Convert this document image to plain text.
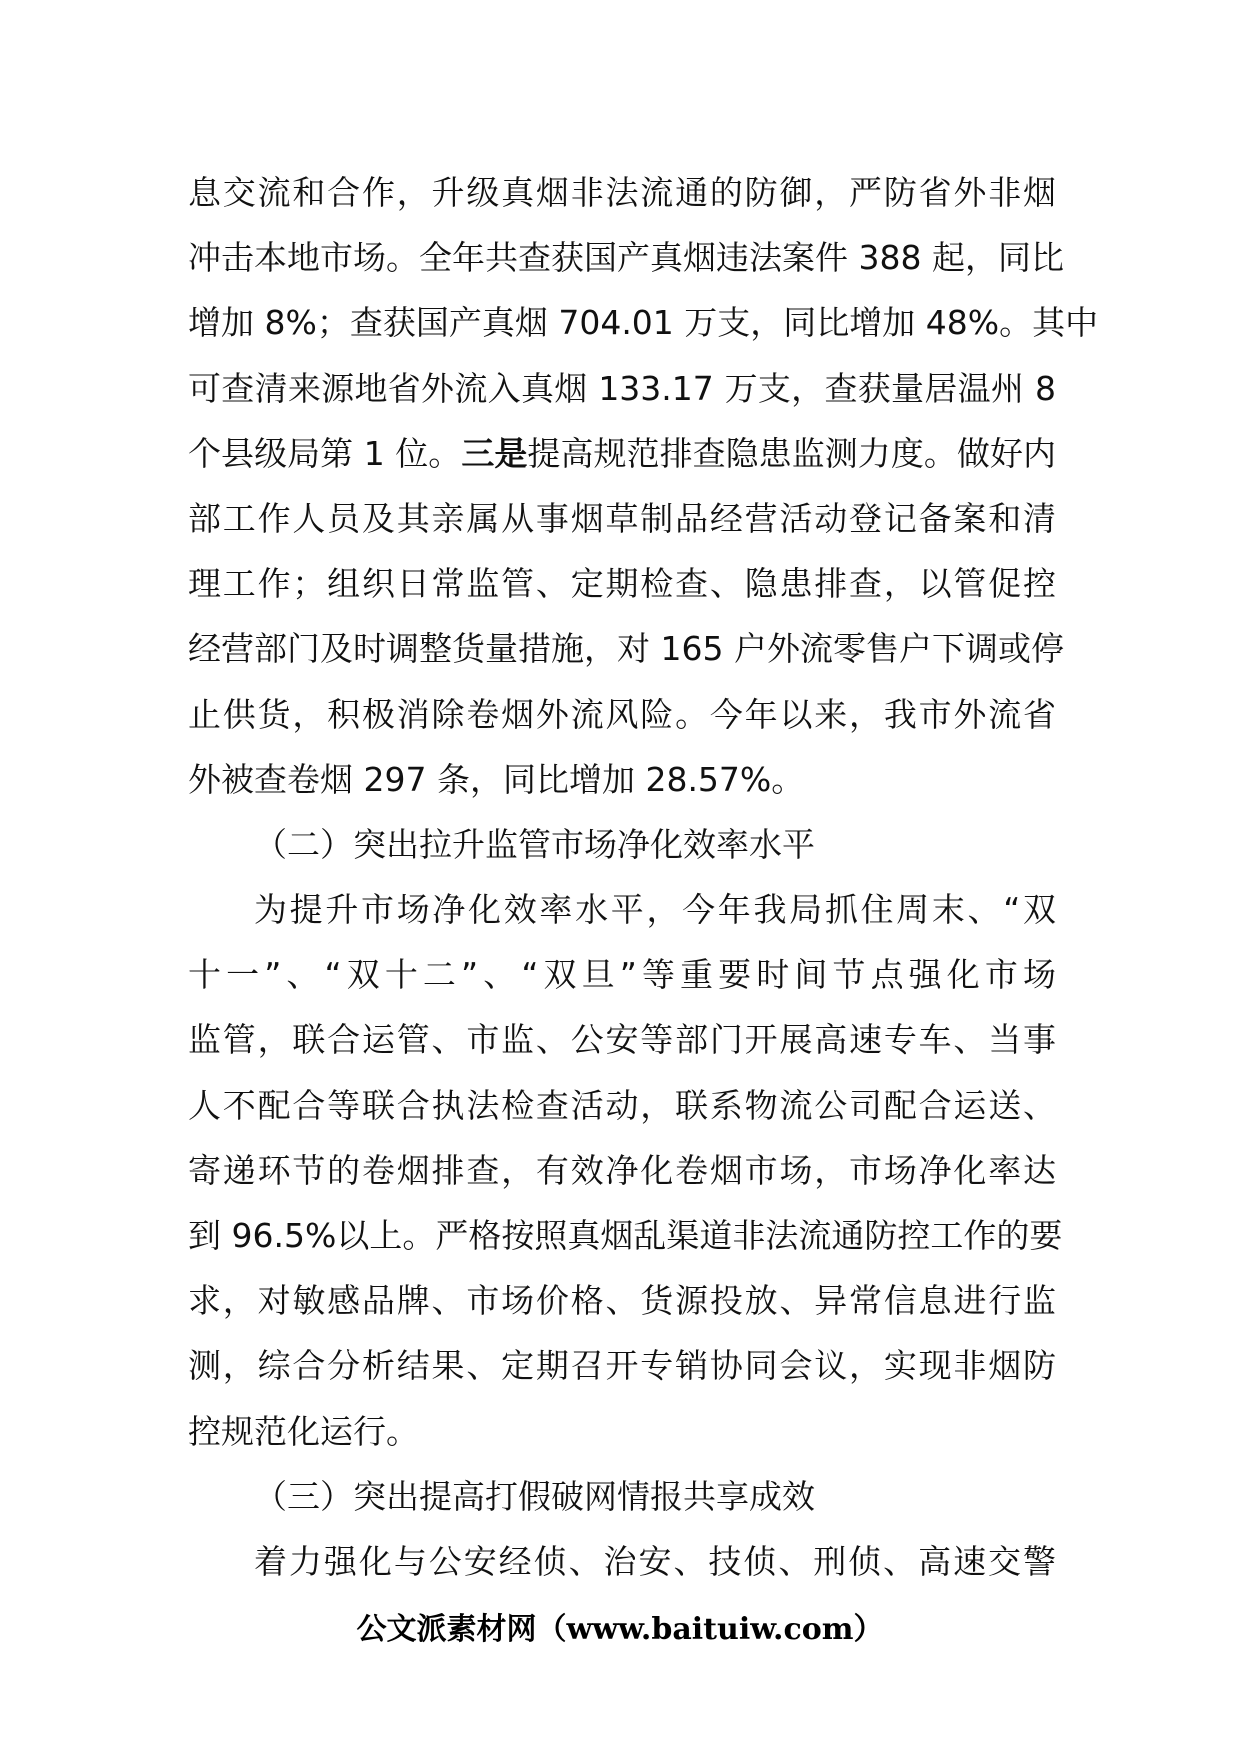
息交流和合作，升级真烟非法流通的防御，严防省外非烟
冲击本地市场。全年共查获国产真烟违法案件 388 起，同比
增加 8%；查获国产真烟 704.01 万支，同比增加 48%。其中
可查清来源地省外流入真烟 133.17 万支，查获量居温州 8
个县级局第 1 位。三是提高规范排查隐患监测力度。做好内
部工作人员及其亲属从事烟草制品经营活动登记备案和清
理工作；组织日常监管、定期检查、隐患排查，以管促控
经营部门及时调整货量措施，对 165 户外流零售户下调或停
止供货，积极消除卷烟外流风险。今年以来，我市外流省
外被查卷烟 297 条，同比增加 28.57%。
（二）突出拉升监管市场净化效率水平
为提升市场净化效率水平，今年我局抓住周末、“双
十一”、“双十二”、“双旦”等重要时间节点强化市场
监管，联合运管、市监、公安等部门开展高速专车、当事
人不配合等联合执法检查活动，联系物流公司配合运送、
寄递环节的卷烟排查，有效净化卷烟市场，市场净化率达
到 96.5%以上。严格按照真烟乱渠道非法流通防控工作的要
求，对敏感品牌、市场价格、货源投放、异常信息进行监
测，综合分析结果、定期召开专销协同会议，实现非烟防
控规范化运行。
（三）突出提高打假破网情报共享成效
着力强化与公安经侦、治安、技侦、刑侦、高速交警
公文派素材网（www.baituiw.com）
